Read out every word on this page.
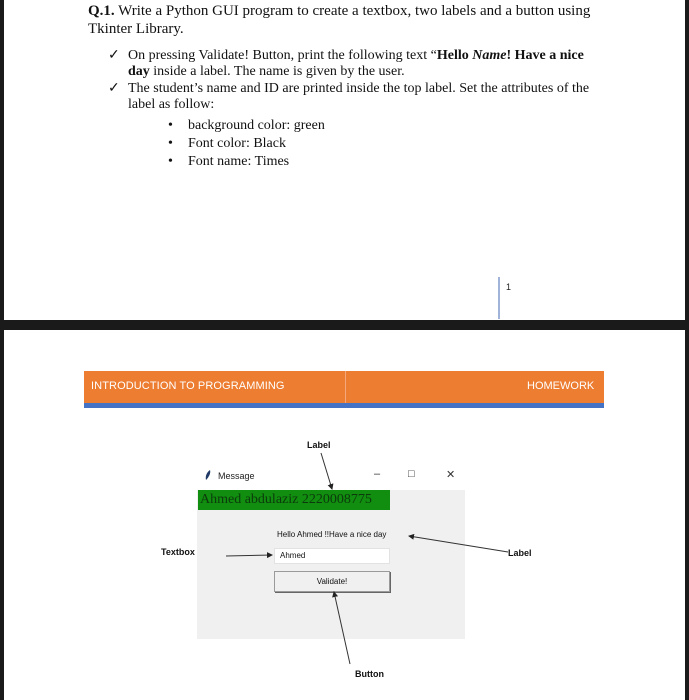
Q.1. Write a Python GUI program to create a textbox, two labels and a button using Tkinter Library.
✓ On pressing Validate! Button, print the following text “Hello Name! Have a nice day inside a label. The name is given by the user.
✓ The student’s name and ID are printed inside the top label. Set the attributes of the label as follow:
• background color: green
• Font color: Black
• Font name: Times
1
INTRODUCTION TO PROGRAMMING	HOMEWORK
Message	–	□	✕
Ahmed abdulaziz 2220008775
Hello Ahmed !!Have a nice day
Ahmed
Validate!
Label
Textbox	Label
Button
